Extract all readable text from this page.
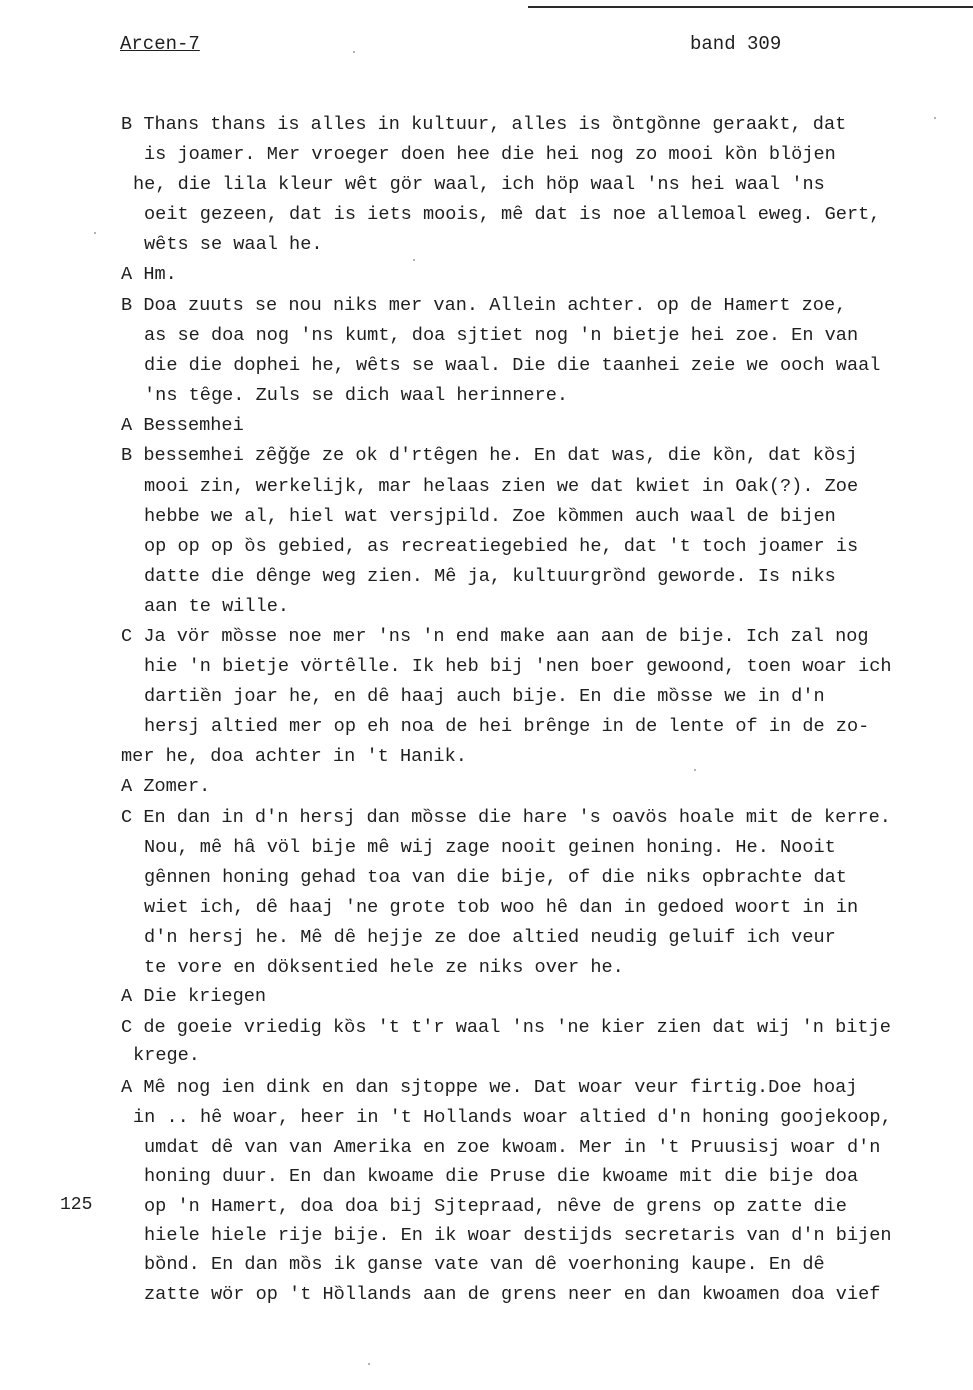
Arcen-7	band 309
B Thans thans is alles in kultuur, alles is ȍntgȍnne geraakt, dat
is joamer. Mer vroeger doen hee die hei nog zo mooi kȍn blöjen
he, die lila kleur wȇt gör waal, ich höp waal 'ns hei waal 'ns
oeit gezeen, dat is iets moois, mȇ dat is noe allemoal eweg. Gert,
wȇts se waal he.
A Hm.
B Doa zuuts se nou niks mer van. Allein achter. op de Hamert zoe,
as se doa nog 'ns kumt, doa sjtiet nog 'n bietje hei zoe. En van
die die dophei he, wȇts se waal. Die die taanhei zeie we ooch waal
'ns tȇge. Zuls se dich waal herinnere.
A Bessemhei
B bessemhei zȇǧǧe ze ok d'rtȇgen he. En dat was, die kȍn, dat kȍsj
mooi zin, werkelijk, mar helaas zien we dat kwiet in Oak(?). Zoe
hebbe we al, hiel wat versjpild. Zoe kȍmmen auch waal de bijen
op op op ȍs gebied, as recreatiegebied he, dat 't toch joamer is
datte die dȇnge weg zien. Mȇ ja, kultuurgrȍnd geworde. Is niks
aan te wille.
C Ja vör mȍsse noe mer 'ns 'n end make aan aan de bije. Ich zal nog
hie 'n bietje vörtȇlle. Ik heb bij 'nen boer gewoond, toen woar ich
dartiȅn joar he, en dȇ haaj auch bije. En die mȍsse we in d'n
hersj altied mer op eh noa de hei brȇnge in de lente of in de zo-
mer he, doa achter in 't Hanik.
A Zomer.
C En dan in d'n hersj dan mȍsse die hare 's oavös hoale mit de kerre.
Nou, mȇ hȃ völ bije mȇ wij zage nooit geinen honing. He. Nooit
gȇnnen honing gehad toa van die bije, of die niks opbrachte dat
wiet ich, dȇ haaj 'ne grote tob woo hȇ dan in gedoed woort in in
d'n hersj he. Mȇ dȇ hejje ze doe altied neudig geluif ich veur
te vore en döksentied hele ze niks over he.
A Die kriegen
C de goeie vriedig kȍs 't t'r waal 'ns 'ne kier zien dat wij 'n bitje
krege.
A Mȇ nog ien dink en dan sjtoppe we. Dat woar veur firtig.Doe hoaj
in .. hȇ woar, heer in 't Hollands woar altied d'n honing goojekoop,
umdat dȇ van van Amerika en zoe kwoam. Mer in 't Pruusisj woar d'n
honing duur. En dan kwoame die Pruse die kwoame mit die bije doa
op 'n Hamert, doa doa bij Sjtepraad, nȇve de grens op zatte die
hiele hiele rije bije. En ik woar destijds secretaris van d'n bijen
bȍnd. En dan mȍs ik ganse vate van dȇ voerhoning kaupe. En dȇ
zatte wör op 't Hȍllands aan de grens neer en dan kwoamen doa vief
125
